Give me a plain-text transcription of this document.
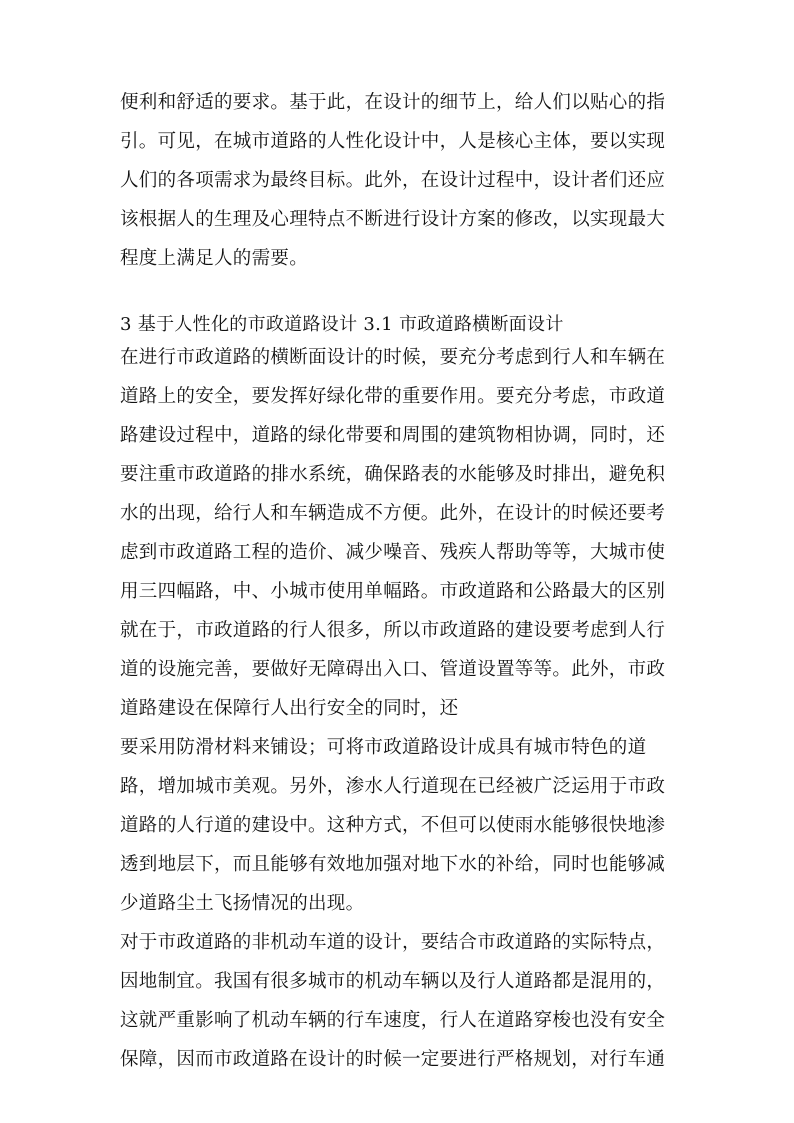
便利和舒适的要求。基于此，在设计的细节上，给人们以贴心的指
引。可见，在城市道路的人性化设计中，人是核心主体，要以实现
人们的各项需求为最终目标。此外，在设计过程中，设计者们还应
该根据人的生理及心理特点不断进行设计方案的修改，以实现最大
程度上满足人的需要。
3 基于人性化的市政道路设计 3.1 市政道路横断面设计
在进行市政道路的横断面设计的时候，要充分考虑到行人和车辆在
道路上的安全，要发挥好绿化带的重要作用。要充分考虑，市政道
路建设过程中，道路的绿化带要和周围的建筑物相协调，同时，还
要注重市政道路的排水系统，确保路表的水能够及时排出，避免积
水的出现，给行人和车辆造成不方便。此外，在设计的时候还要考
虑到市政道路工程的造价、减少噪音、残疾人帮助等等，大城市使
用三四幅路，中、小城市使用单幅路。市政道路和公路最大的区别
就在于，市政道路的行人很多，所以市政道路的建设要考虑到人行
道的设施完善，要做好无障碍出入口、管道设置等等。此外，市政
道路建设在保障行人出行安全的同时，还
要采用防滑材料来铺设；可将市政道路设计成具有城市特色的道
路，增加城市美观。另外，渗水人行道现在已经被广泛运用于市政
道路的人行道的建设中。这种方式，不但可以使雨水能够很快地渗
透到地层下，而且能够有效地加强对地下水的补给，同时也能够减
少道路尘土飞扬情况的出现。
对于市政道路的非机动车道的设计，要结合市政道路的实际特点，
因地制宜。我国有很多城市的机动车辆以及行人道路都是混用的，
这就严重影响了机动车辆的行车速度，行人在道路穿梭也没有安全
保障，因而市政道路在设计的时候一定要进行严格规划，对行车通
